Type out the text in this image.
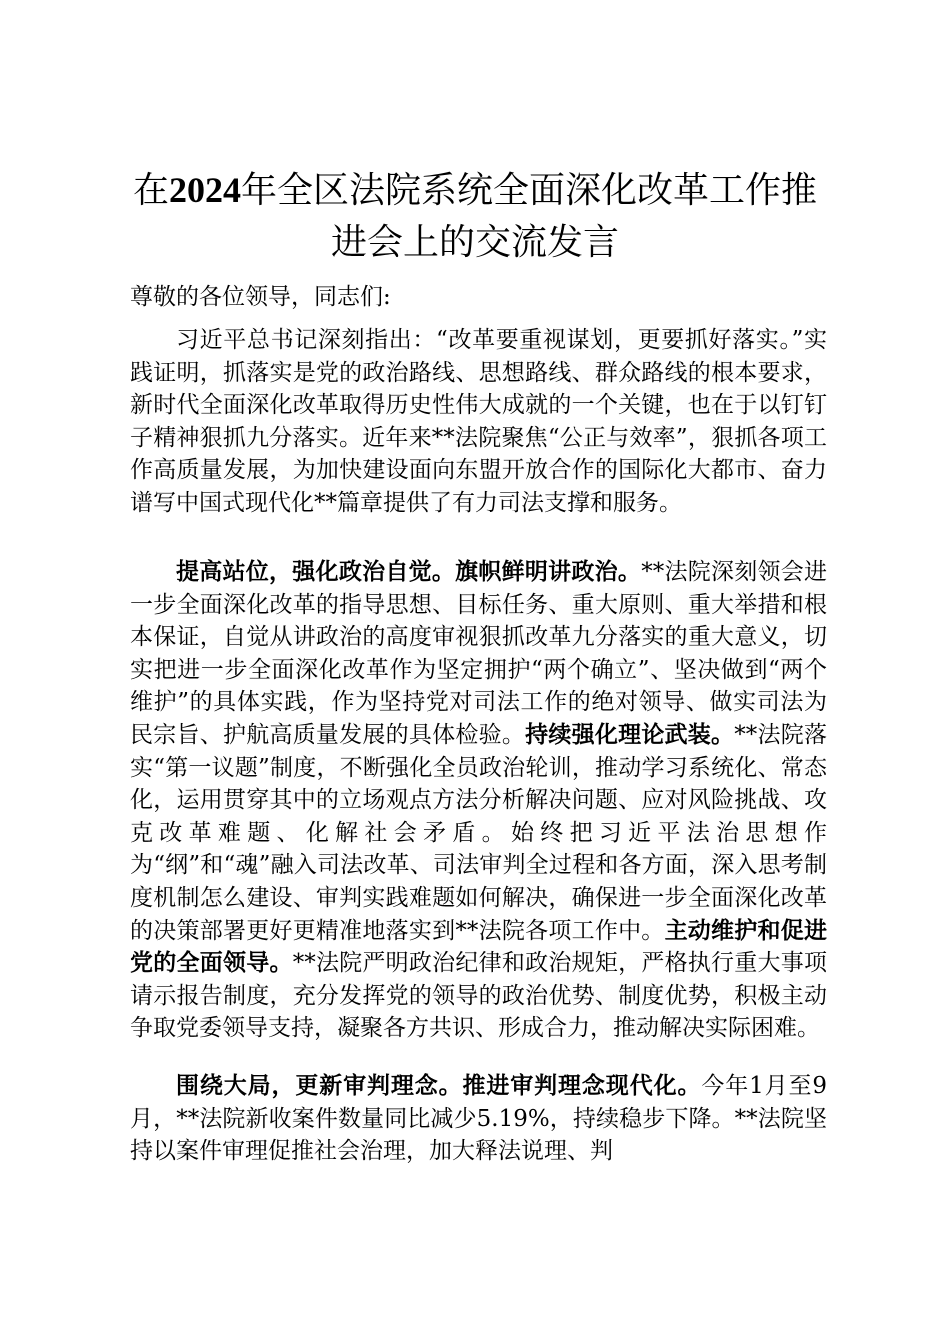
在2024年全区法院系统全面深化改革工作推进会上的交流发言

尊敬的各位领导，同志们:

习近平总书记深刻指出：“改革要重视谋划，更要抓好落实。”实践证明，抓落实是党的政治路线、思想路线、群众路线的根本要求，新时代全面深化改革取得历史性伟大成就的一个关键，也在于以钉钉子精神狠抓九分落实。近年来**法院聚焦“公正与效率”，狠抓各项工作高质量发展，为加快建设面向东盟开放合作的国际化大都市、奋力谱写中国式现代化**篇章提供了有力司法支撑和服务。

提高站位，强化政治自觉。旗帜鲜明讲政治。**法院深刻领会进一步全面深化改革的指导思想、目标任务、重大原则、重大举措和根本保证，自觉从讲政治的高度审视狠抓改革九分落实的重大意义，切实把进一步全面深化改革作为坚定拥护“两个确立”、坚决做到“两个维护”的具体实践，作为坚持党对司法工作的绝对领导、做实司法为民宗旨、护航高质量发展的具体检验。持续强化理论武装。**法院落实“第一议题”制度，不断强化全员政治轮训，推动学习系统化、常态化，运用贯穿其中的立场观点方法分析解决问题、应对风险挑战、攻克改革难题、化解社会矛盾。始终把习近平法治思想作为“纲”和“魂”融入司法改革、司法审判全过程和各方面，深入思考制度机制怎么建设、审判实践难题如何解决，确保进一步全面深化改革的决策部署更好更精准地落实到**法院各项工作中。主动维护和促进党的全面领导。**法院严明政治纪律和政治规矩，严格执行重大事项请示报告制度，充分发挥党的领导的政治优势、制度优势，积极主动争取党委领导支持，凝聚各方共识、形成合力，推动解决实际困难。

围绕大局，更新审判理念。推进审判理念现代化。今年1月至9月，**法院新收案件数量同比减少5.19%，持续稳步下降。**法院坚持以案件审理促推社会治理，加大释法说理、判
